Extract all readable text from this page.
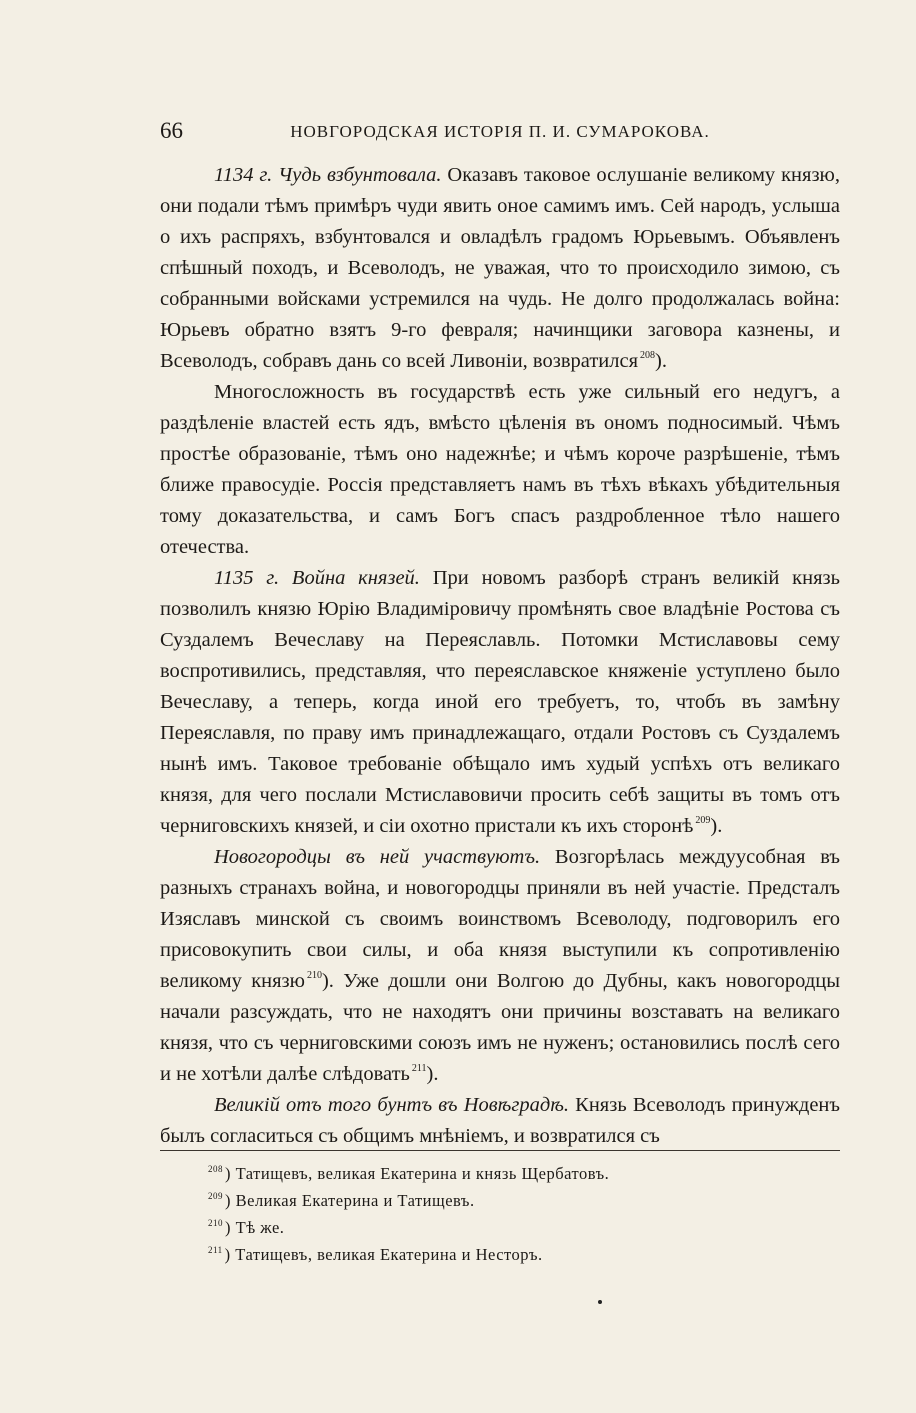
66	НОВГОРОДСКАЯ ИСТОРІЯ П. И. СУМАРОКОВА.

1134 г. Чудь взбунтовала. Оказавъ таковое ослушаніе великому князю, они подали тѣмъ примѣръ чуди явить оное самимъ имъ. Сей народъ, услыша о ихъ распряхъ, взбунтовался и овладѣлъ градомъ Юрьевымъ. Объявленъ спѣшный походъ, и Всеволодъ, не уважая, что то происходило зимою, съ собранными войсками устремился на чудь. Не долго продолжалась война: Юрьевъ обратно взятъ 9-го февраля; начинщики заговора казнены, и Всеволодъ, собравъ дань со всей Ливоніи, возвратился $^{208}$).

Многосложность въ государствѣ есть уже сильный его недугъ, а раздѣленіе властей есть ядъ, вмѣсто цѣленія въ ономъ подносимый. Чѣмъ простѣе образованіе, тѣмъ оно надежнѣе; и чѣмъ короче разрѣшеніе, тѣмъ ближе правосудіе. Россія представляетъ намъ въ тѣхъ вѣкахъ убѣдительныя тому доказательства, и самъ Богъ спасъ раздробленное тѣло нашего отечества.

1135 г. Война князей. При новомъ разборѣ странъ великій князь позволилъ князю Юрію Владиміровичу промѣнять свое владѣніе Ростова съ Суздалемъ Вечеславу на Переяславль. Потомки Мстиславовы сему воспротивились, представляя, что переяславское княженіе уступлено было Вечеславу, а теперь, когда иной его требуетъ, то, чтобъ въ замѣну Переяславля, по праву имъ принадлежащаго, отдали Ростовъ съ Суздалемъ нынѣ имъ. Таковое требованіе обѣщало имъ худый успѣхъ отъ великаго князя, для чего послали Мстиславовичи просить себѣ защиты въ томъ отъ черниговскихъ князей, и сіи охотно пристали къ ихъ сторонѣ $^{209}$).

Новогородцы въ ней участвуютъ. Возгорѣлась междуусобная въ разныхъ странахъ война, и новогородцы приняли въ ней участіе. Предсталъ Изяславъ минской съ своимъ воинствомъ Всеволоду, подговорилъ его присовокупить свои силы, и оба князя выступили къ сопротивленію великому князю $^{210}$). Уже дошли они Волгою до Дубны, какъ новогородцы начали разсуждать, что не находятъ они причины возставать на великаго князя, что съ черниговскими союзъ имъ не нуженъ; остановились послѣ сего и не хотѣли далѣе слѣдовать $^{211}$).

Великій отъ того бунтъ въ Новѣградѣ. Князь Всеволодъ принужденъ былъ согласиться съ общимъ мнѣніемъ, и возвратился съ

$^{208}$ ) Татищевъ, великая Екатерина и князь Щербатовъ.
$^{209}$ ) Великая Екатерина и Татищевъ.
$^{210}$ ) Тѣ же.
$^{211}$ ) Татищевъ, великая Екатерина и Несторъ.
